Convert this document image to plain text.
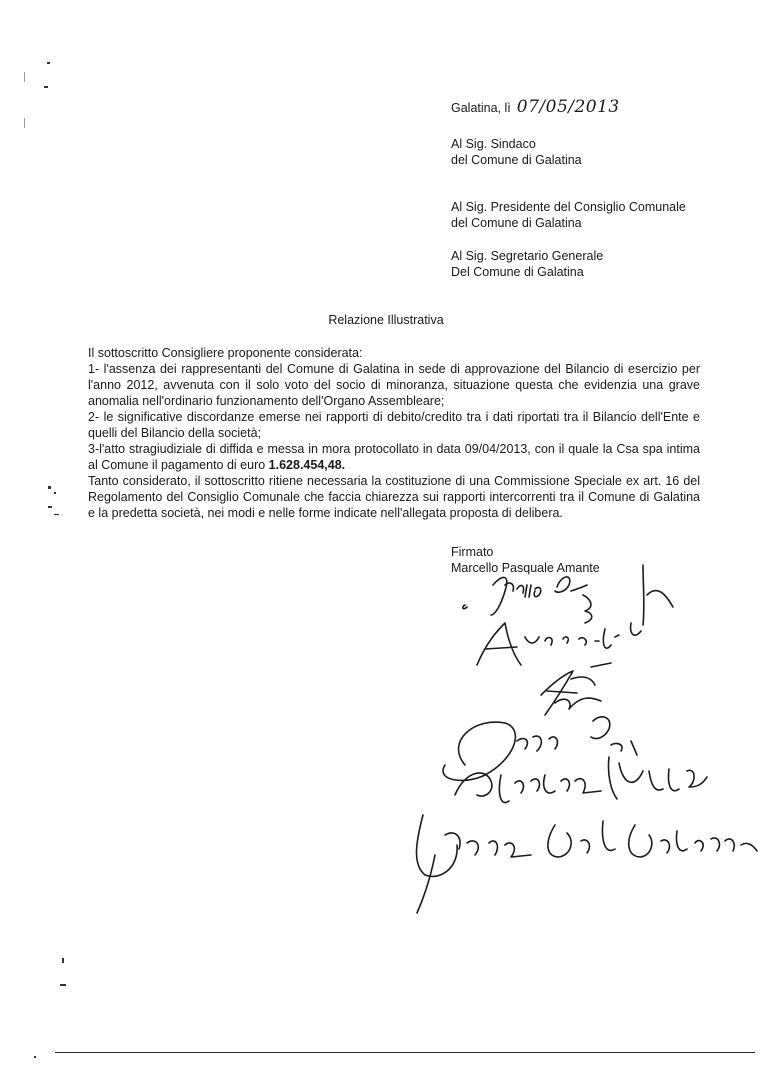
Galatina, lì 07/05/2013
Al Sig. Sindaco
del Comune di Galatina
Al Sig. Presidente del Consiglio Comunale
del Comune di Galatina
Al Sig. Segretario Generale
Del Comune di Galatina
Relazione Illustrativa

Il sottoscritto Consigliere proponente considerata:

1- l'assenza dei rappresentanti del Comune di Galatina in sede di approvazione del Bilancio di esercizio per l'anno 2012, avvenuta con il solo voto del socio di minoranza, situazione questa che evidenzia una grave anomalia nell'ordinario funzionamento dell'Organo Assembleare;

2- le significative discordanze emerse nei rapporti di debito/credito tra i dati riportati tra il Bilancio dell'Ente e quelli del Bilancio della società;

3-l'atto stragiudiziale di diffida e messa in mora protocollato in data 09/04/2013, con il quale la Csa spa intima al Comune il pagamento di euro 1.628.454,48.

Tanto considerato, il sottoscritto ritiene necessaria la costituzione di una Commissione Speciale ex art. 16 del Regolamento del Consiglio Comunale che faccia chiarezza sui rapporti intercorrenti tra il Comune di Galatina e la predetta società, nei modi e nelle forme indicate nell'allegata proposta di delibera.

Firmato
Marcello Pasquale Amante
